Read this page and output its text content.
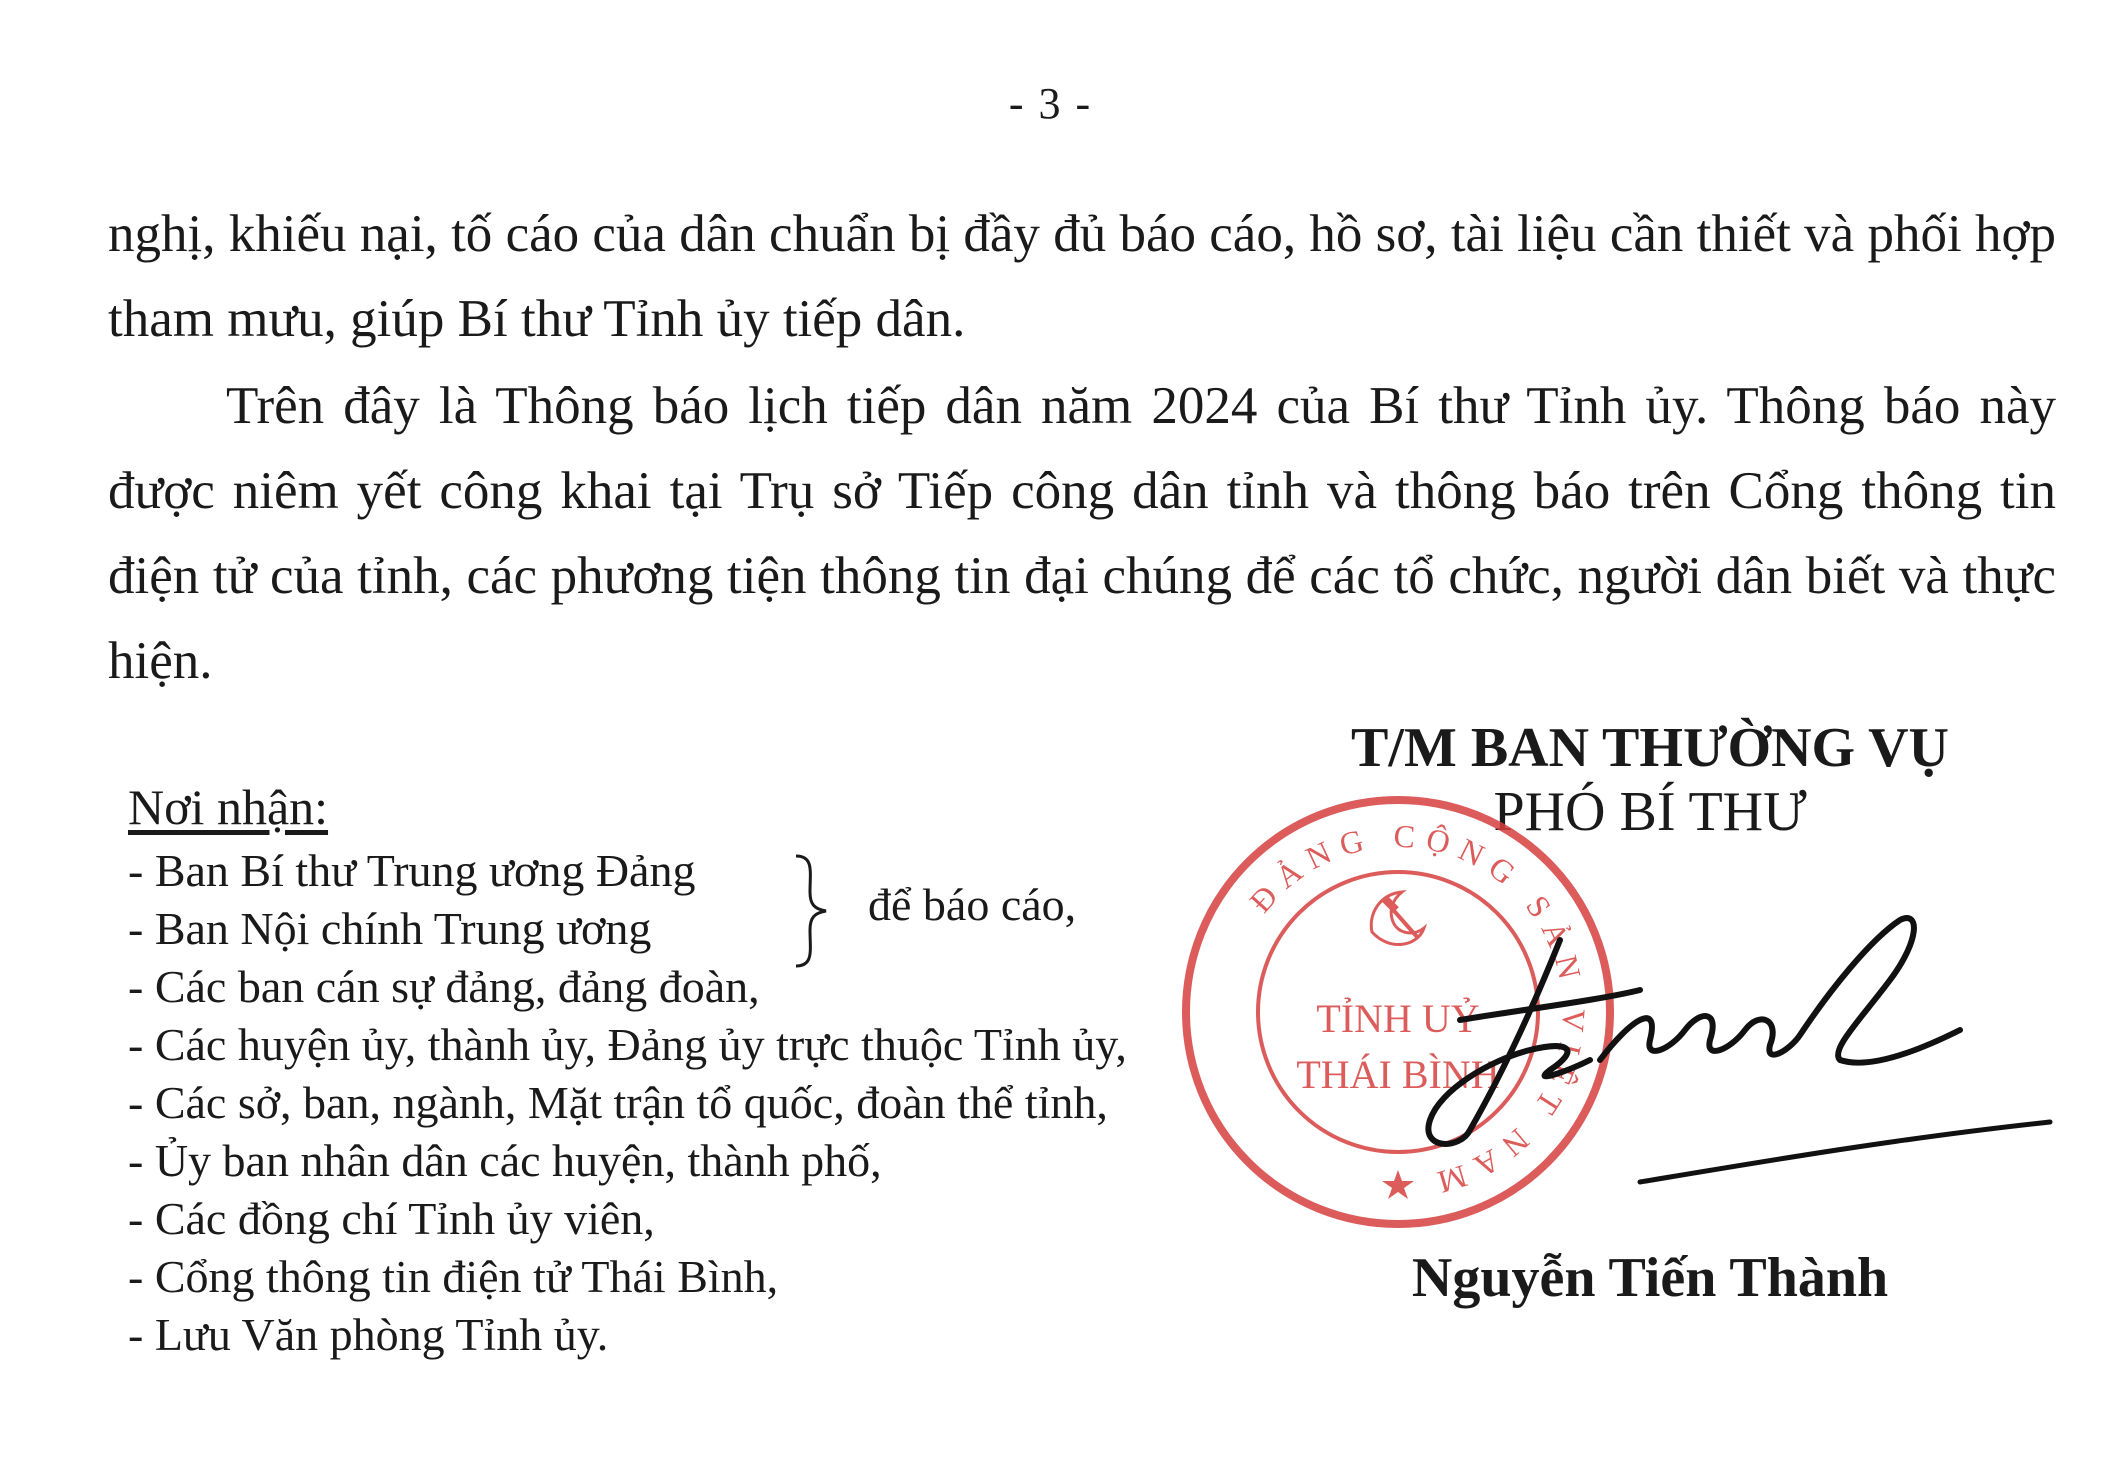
- 3 -

nghị, khiếu nại, tố cáo của dân chuẩn bị đầy đủ báo cáo, hồ sơ, tài liệu cần thiết và phối hợp tham mưu, giúp Bí thư Tỉnh ủy tiếp dân.

Trên đây là Thông báo lịch tiếp dân năm 2024 của Bí thư Tỉnh ủy. Thông báo này được niêm yết công khai tại Trụ sở Tiếp công dân tỉnh và thông báo trên Cổng thông tin điện tử của tỉnh, các phương tiện thông tin đại chúng để các tổ chức, người dân biết và thực hiện.

Nơi nhận:
- Ban Bí thư Trung ương Đảng
- Ban Nội chính Trung ương
- Các ban cán sự đảng, đảng đoàn,
- Các huyện ủy, thành ủy, Đảng ủy trực thuộc Tỉnh ủy,
- Các sở, ban, ngành, Mặt trận tổ quốc, đoàn thể tỉnh,
- Ủy ban nhân dân các huyện, thành phố,
- Các đồng chí Tỉnh ủy viên,
- Cổng thông tin điện tử Thái Bình,
- Lưu Văn phòng Tỉnh ủy.
để báo cáo,
T/M BAN THƯỜNG VỤ
PHÓ BÍ THƯ
ĐẢNG CỘNG SẢN VIỆT NAM
TỈNH UỶ
THÁI BÌNH
Nguyễn Tiến Thành
